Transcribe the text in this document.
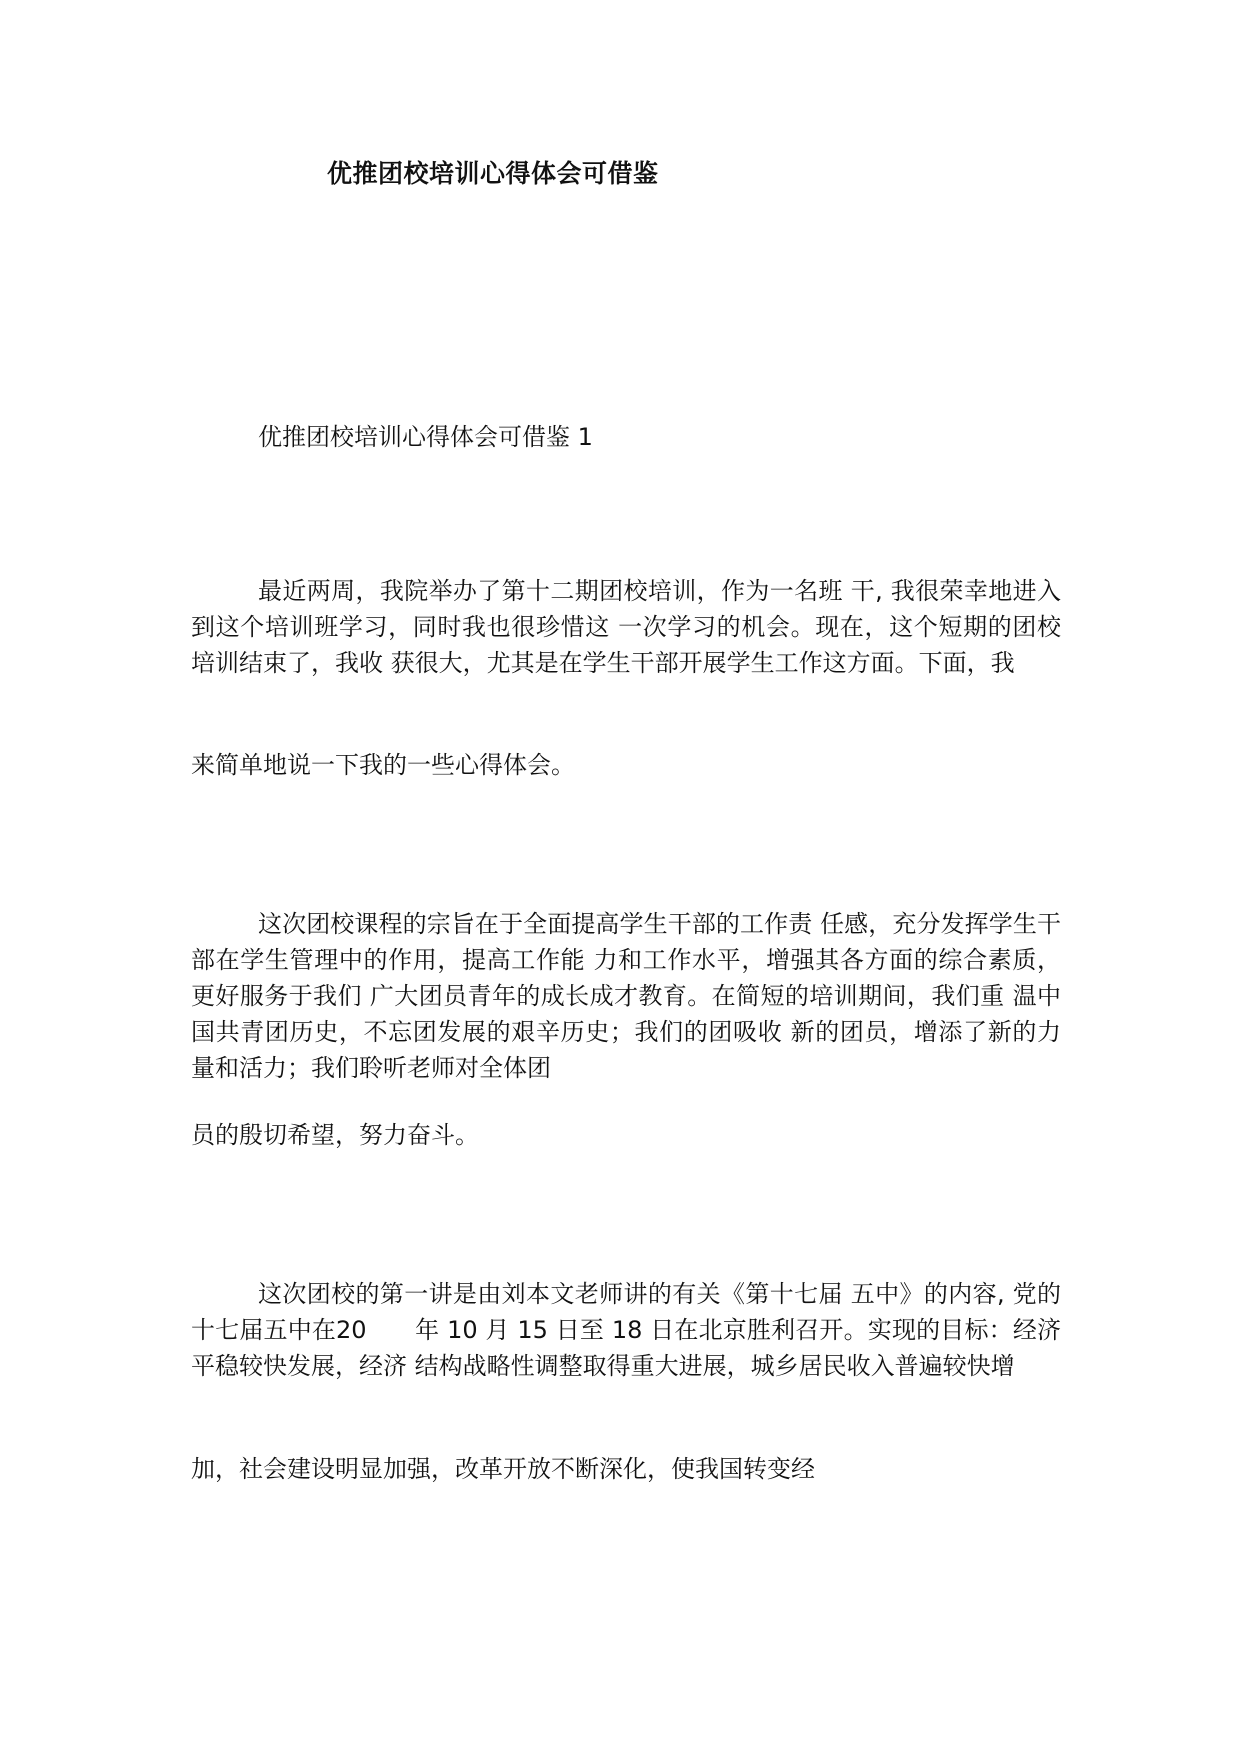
优推团校培训心得体会可借鉴
优推团校培训心得体会可借鉴 1

最近两周，我院举办了第十二期团校培训，作为一名班 干, 我很荣幸地进入到这个培训班学习，同时我也很珍惜这 一次学习的机会。现在，这个短期的团校培训结束了，我收 获很大，尤其是在学生干部开展学生工作这方面。下面，我

来简单地说一下我的一些心得体会。

这次团校课程的宗旨在于全面提高学生干部的工作责 任感，充分发挥学生干部在学生管理中的作用，提高工作能 力和工作水平，增强其各方面的综合素质，更好服务于我们 广大团员青年的成长成才教育。在简短的培训期间，我们重 温中国共青团历史，不忘团发展的艰辛历史；我们的团吸收 新的团员，增添了新的力量和活力；我们聆听老师对全体团

员的殷切希望，努力奋斗。

这次团校的第一讲是由刘本文老师讲的有关《第十七届 五中》的内容, 党的十七届五中在20　　年 10 月 15 日至 18 日在北京胜利召开。实现的目标：经济平稳较快发展，经济 结构战略性调整取得重大进展，城乡居民收入普遍较快增

加，社会建设明显加强，改革开放不断深化，使我国转变经
